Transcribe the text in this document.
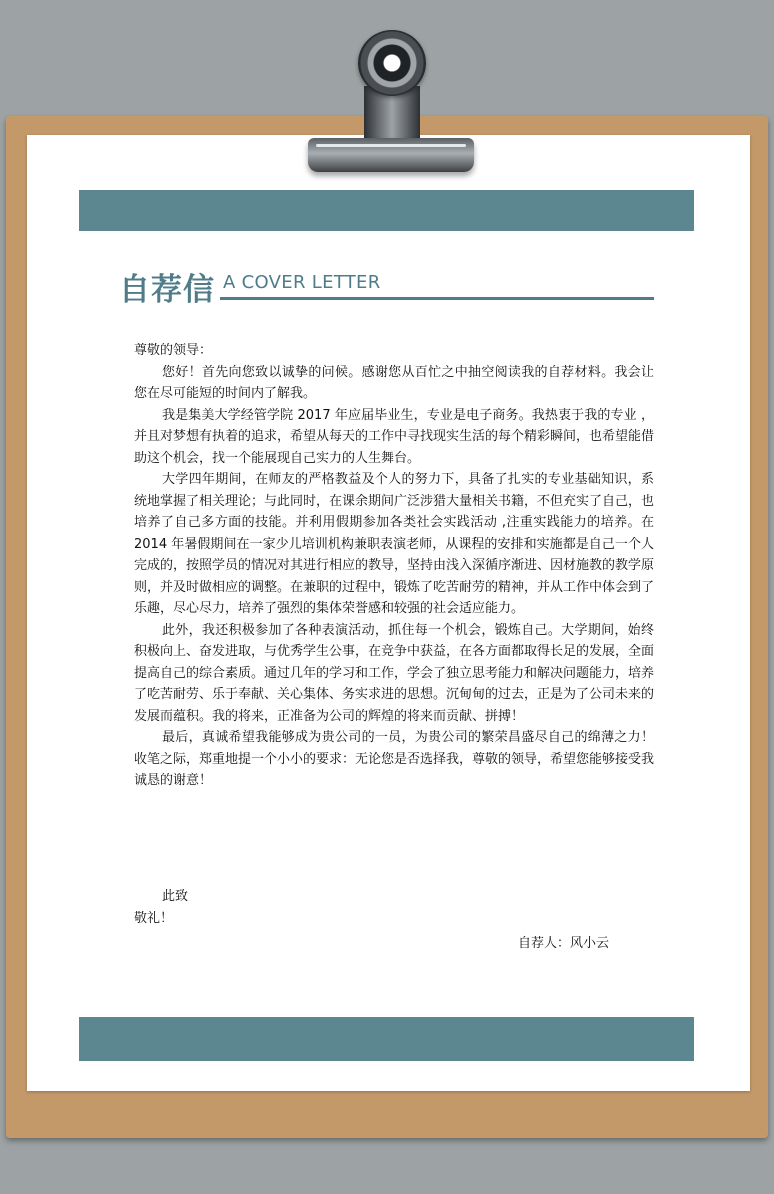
自荐信 A COVER LETTER

尊敬的领导：

您好！首先向您致以诚挚的问候。感谢您从百忙之中抽空阅读我的自荐材料。我会让您在尽可能短的时间内了解我。

我是集美大学经管学院 2017 年应届毕业生，专业是电子商务。我热衷于我的专业 ，并且对梦想有执着的追求，希望从每天的工作中寻找现实生活的每个精彩瞬间，也希望能借助这个机会，找一个能展现自己实力的人生舞台。

大学四年期间，在师友的严格教益及个人的努力下，具备了扎实的专业基础知识，系统地掌握了相关理论；与此同时，在课余期间广泛涉猎大量相关书籍，不但充实了自己，也培养了自己多方面的技能。并利用假期参加各类社会实践活动 ,注重实践能力的培养。在 2014 年暑假期间在一家少儿培训机构兼职表演老师，从课程的安排和实施都是自己一个人完成的，按照学员的情况对其进行相应的教导，坚持由浅入深循序渐进、因材施教的教学原则，并及时做相应的调整。在兼职的过程中，锻炼了吃苦耐劳的精神，并从工作中体会到了乐趣，尽心尽力，培养了强烈的集体荣誉感和较强的社会适应能力。

此外，我还积极参加了各种表演活动，抓住每一个机会，锻炼自己。大学期间，始终积极向上、奋发进取，与优秀学生公事，在竞争中获益，在各方面都取得长足的发展，全面提高自己的综合素质。通过几年的学习和工作，学会了独立思考能力和解决问题能力，培养了吃苦耐劳、乐于奉献、关心集体、务实求进的思想。沉甸甸的过去，正是为了公司未来的发展而蕴积。我的将来，正准备为公司的辉煌的将来而贡献、拼搏！

最后，真诚希望我能够成为贵公司的一员，为贵公司的繁荣昌盛尽自己的绵薄之力！收笔之际，郑重地提一个小小的要求：无论您是否选择我，尊敬的领导，希望您能够接受我诚恳的谢意！

此致
敬礼！
自荐人：风小云
